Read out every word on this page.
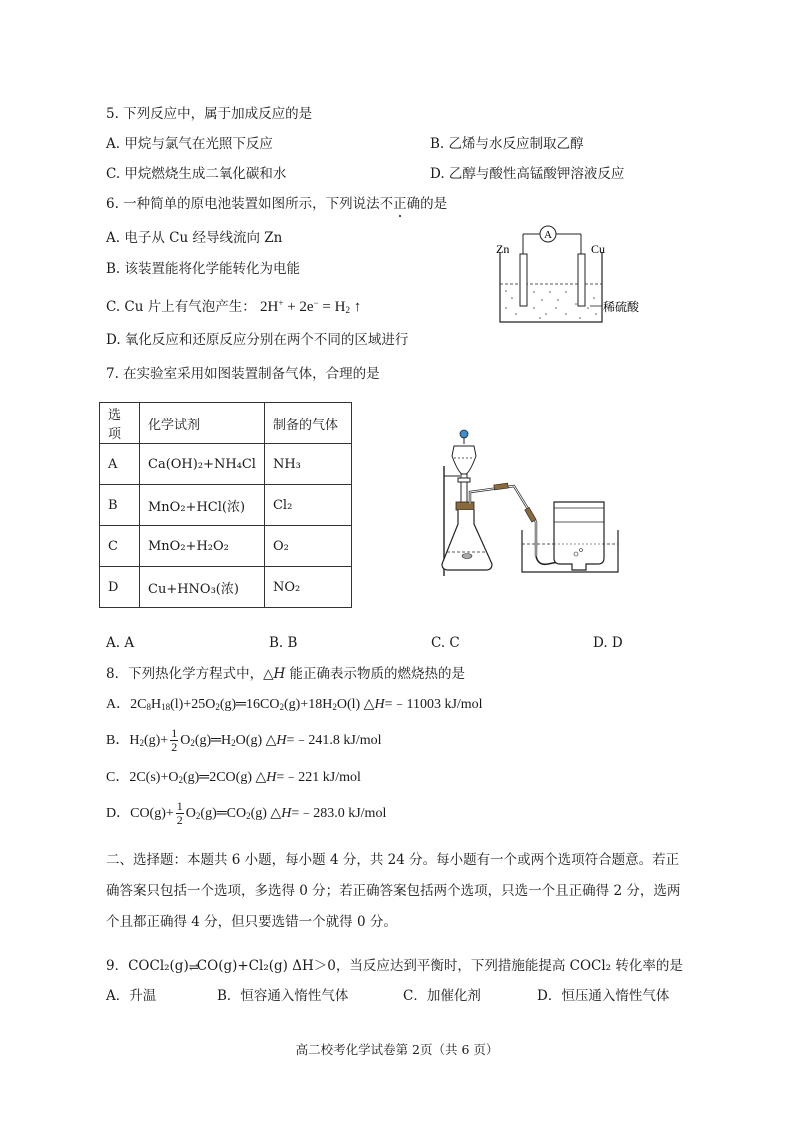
5. 下列反应中，属于加成反应的是
A. 甲烷与氯气在光照下反应	B. 乙烯与水反应制取乙醇
C. 甲烷燃烧生成二氧化碳和水	D. 乙醇与酸性高锰酸钾溶液反应
6. 一种简单的原电池装置如图所示，下列说法不正确的是
A. 电子从 Cu 经导线流向 Zn
B. 该装置能将化学能转化为电能
C. Cu 片上有气泡产生： $2H^+ + 2e^- = H_2$ ↑
D. 氧化反应和还原反应分别在两个不同的区域进行
A
Zn	Cu
稀硫酸
7. 在实验室采用如图装置制备气体，合理的是
选项	化学试剂	制备的气体
A	Ca(OH)₂+NH₄Cl	NH₃
B	MnO₂+HCl(浓)	Cl₂
C	MnO₂+H₂O₂	O₂
D	Cu+HNO₃(浓)	NO₂
A. A	B. B	C. C	D. D
8．下列热化学方程式中，△H 能正确表示物质的燃烧热的是
A．$2C_8H_{18}(l)+25O_2(g)═16CO_2(g)+18H_2O(l)$ △H=﹣11003 kJ/mol
B．$H_2(g)+ \frac{1}{2}$ $O_2(g)═H_2O(g)$ △H=﹣241.8 kJ/mol
C．$2C(s)+O_2(g)═2CO(g)$ △H=﹣221 kJ/mol
D．$CO(g)+ \frac{1}{2}$ $O_2(g)═CO_2(g)$ △H=﹣283.0 kJ/mol
二、选择题：本题共 6 小题，每小题 4 分，共 24 分。每小题有一个或两个选项符合题意。若正
确答案只包括一个选项，多选得 0 分；若正确答案包括两个选项，只选一个且正确得 2 分，选两
个且都正确得 4 分，但只要选错一个就得 0 分。
9．COCl₂(g)⇌CO(g)+Cl₂(g) ΔH＞0，当反应达到平衡时，下列措施能提高 COCl₂ 转化率的是
A．升温	B．恒容通入惰性气体	C．加催化剂	D．恒压通入惰性气体
高二校考化学试卷第 2页（共 6 页）
